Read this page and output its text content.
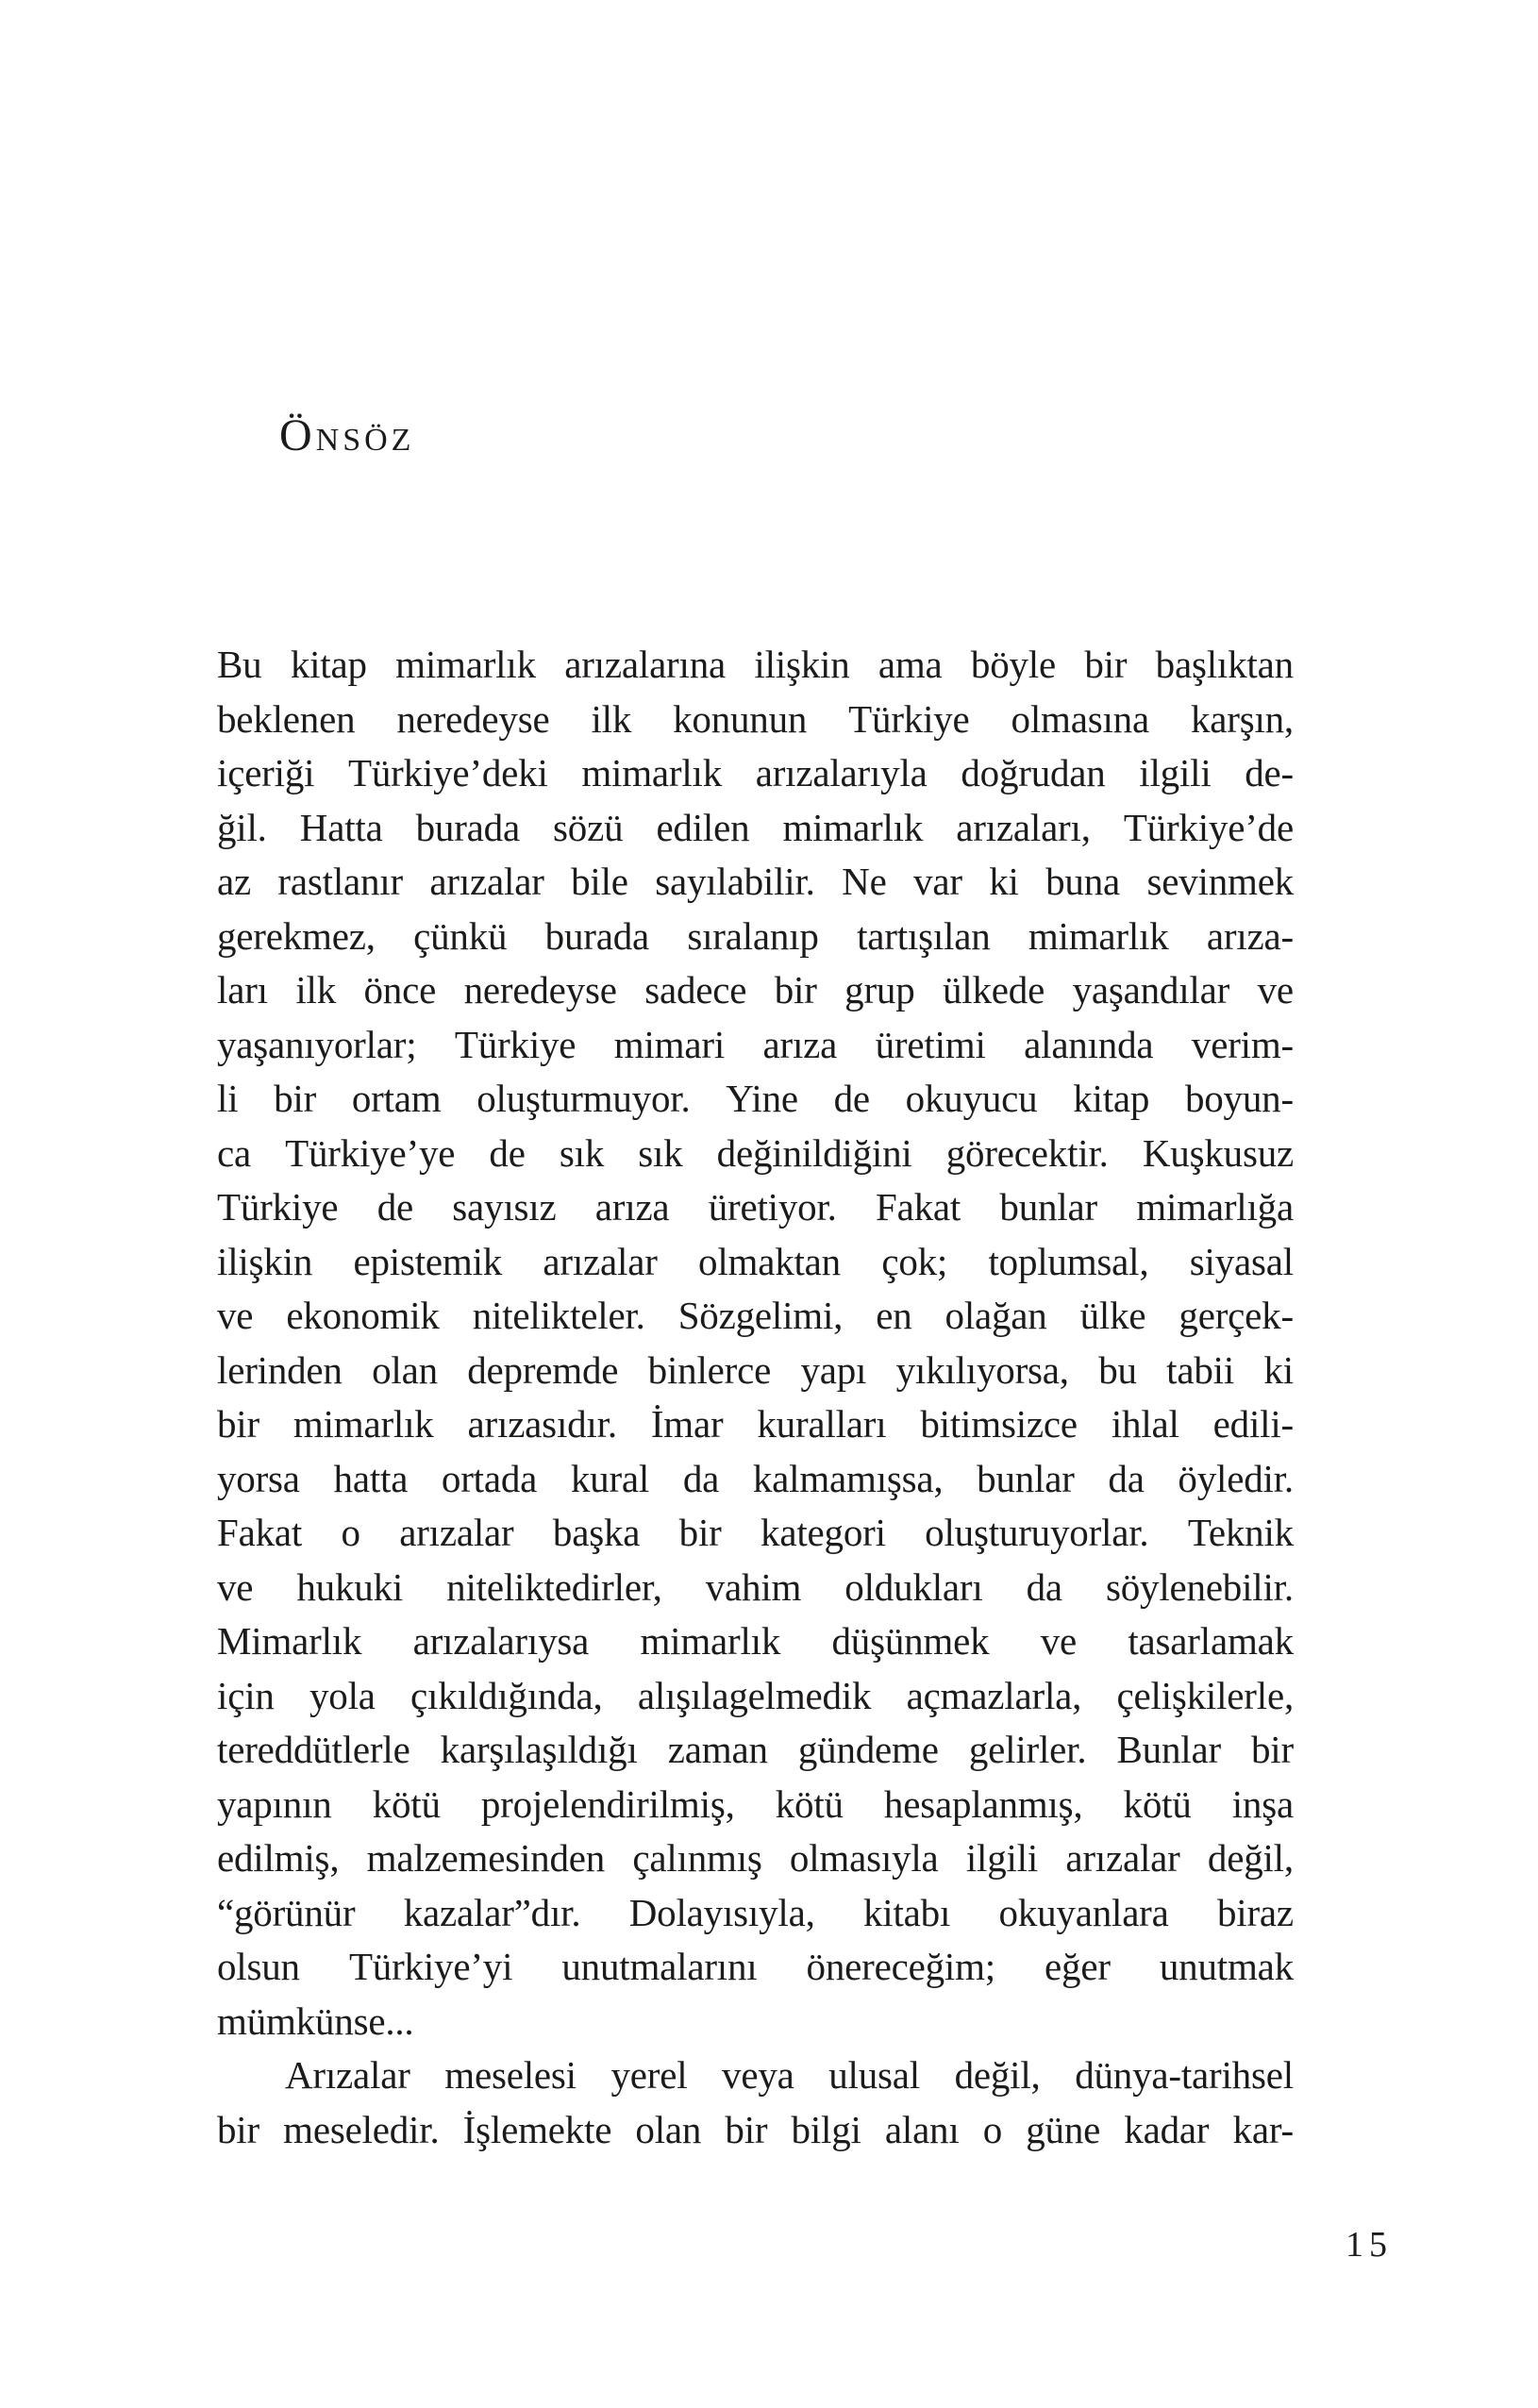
Önsöz
Bu kitap mimarlık arızalarına ilişkin ama böyle bir başlıktan
beklenen neredeyse ilk konunun Türkiye olmasına karşın,
içeriği Türkiye’deki mimarlık arızalarıyla doğrudan ilgili de-
ğil. Hatta burada sözü edilen mimarlık arızaları, Türkiye’de
az rastlanır arızalar bile sayılabilir. Ne var ki buna sevinmek
gerekmez, çünkü burada sıralanıp tartışılan mimarlık arıza-
ları ilk önce neredeyse sadece bir grup ülkede yaşandılar ve
yaşanıyorlar; Türkiye mimari arıza üretimi alanında verim-
li bir ortam oluşturmuyor. Yine de okuyucu kitap boyun-
ca Türkiye’ye de sık sık değinildiğini görecektir. Kuşkusuz
Türkiye de sayısız arıza üretiyor. Fakat bunlar mimarlığa
ilişkin epistemik arızalar olmaktan çok; toplumsal, siyasal
ve ekonomik nitelikteler. Sözgelimi, en olağan ülke gerçek-
lerinden olan depremde binlerce yapı yıkılıyorsa, bu tabii ki
bir mimarlık arızasıdır. İmar kuralları bitimsizce ihlal edili-
yorsa hatta ortada kural da kalmamışsa, bunlar da öyledir.
Fakat o arızalar başka bir kategori oluşturuyorlar. Teknik
ve hukuki niteliktedirler, vahim oldukları da söylenebilir.
Mimarlık arızalarıysa mimarlık düşünmek ve tasarlamak
için yola çıkıldığında, alışılagelmedik açmazlarla, çelişkilerle,
tereddütlerle karşılaşıldığı zaman gündeme gelirler. Bunlar bir
yapının kötü projelendirilmiş, kötü hesaplanmış, kötü inşa
edilmiş, malzemesinden çalınmış olmasıyla ilgili arızalar değil,
“görünür kazalar”dır. Dolayısıyla, kitabı okuyanlara biraz
olsun Türkiye’yi unutmalarını önereceğim; eğer unutmak
mümkünse...
Arızalar meselesi yerel veya ulusal değil, dünya-tarihsel
bir meseledir. İşlemekte olan bir bilgi alanı o güne kadar kar-
15
